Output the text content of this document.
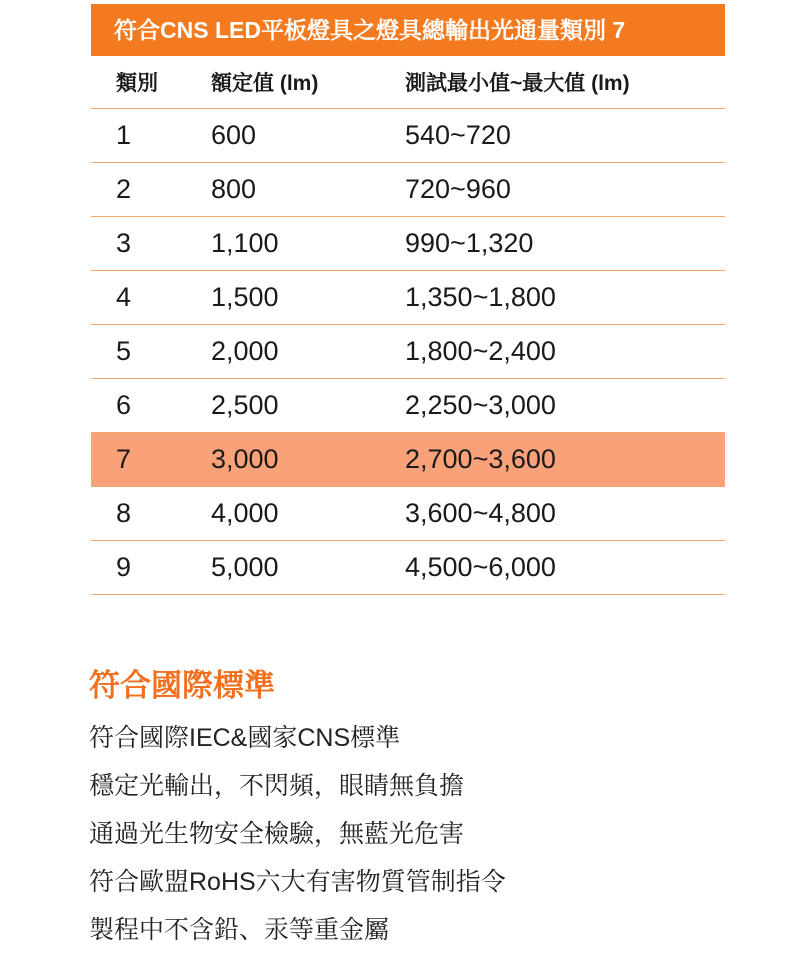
符合CNS LED平板燈具之燈具總輸出光通量類別 7
類別	額定值 (lm)	測試最小值~最大值 (lm)
1	600	540~720
2	800	720~960
3	1,100	990~1,320
4	1,500	1,350~1,800
5	2,000	1,800~2,400
6	2,500	2,250~3,000
7	3,000	2,700~3,600
8	4,000	3,600~4,800
9	5,000	4,500~6,000
符合國際標準
符合國際IEC&國家CNS標準
穩定光輸出，不閃頻，眼睛無負擔
通過光生物安全檢驗，無藍光危害
符合歐盟RoHS六大有害物質管制指令
製程中不含鉛、汞等重金屬
